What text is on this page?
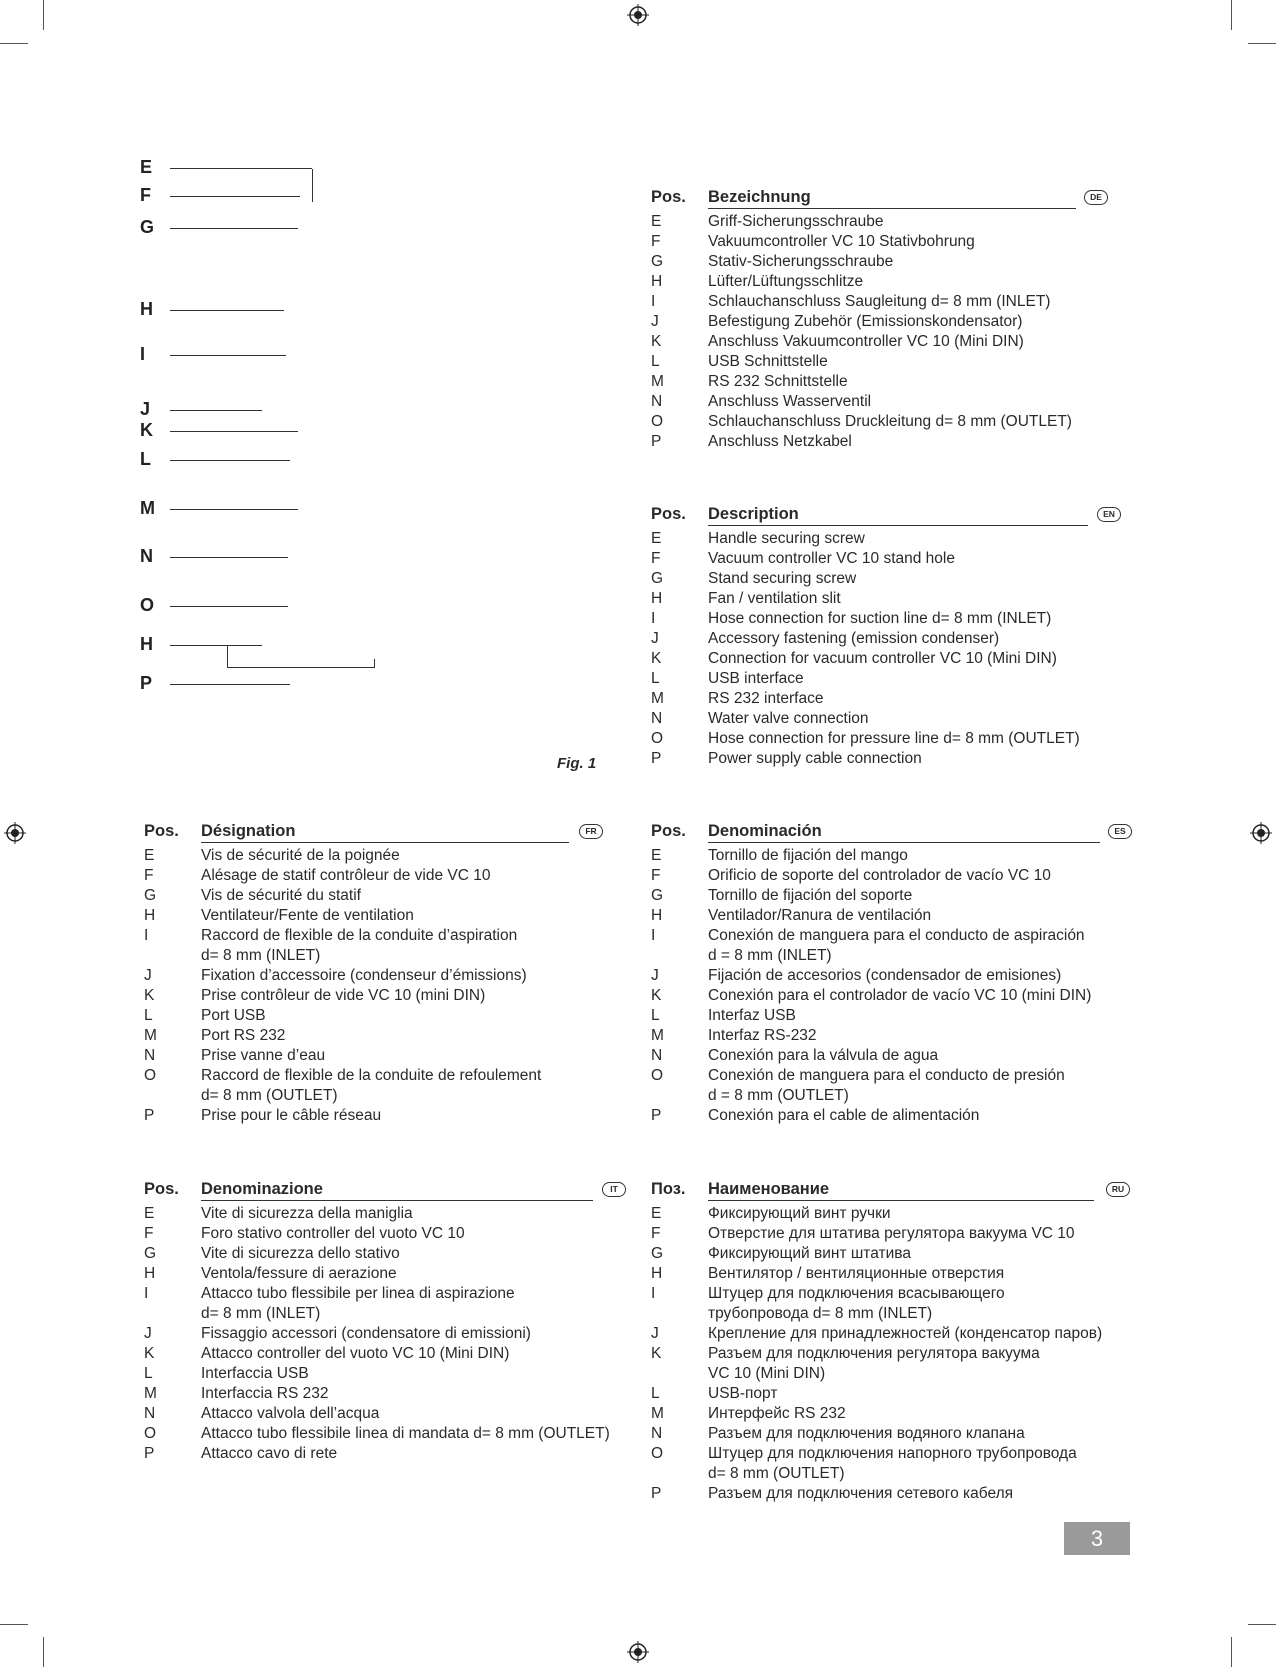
E
F
G
H
I
J
K
L
M
N
O
H
P
Fig. 1
Pos. Bezeichnung	DE
E	Griff-Sicherungsschraube
F	Vakuumcontroller VC 10 Stativbohrung
G	Stativ-Sicherungsschraube
H	Lüfter/Lüftungsschlitze
I	Schlauchanschluss Saugleitung d= 8 mm (INLET)
J	Befestigung Zubehör (Emissionskondensator)
K	Anschluss Vakuumcontroller VC 10 (Mini DIN)
L	USB Schnittstelle
M	RS 232 Schnittstelle
N	Anschluss Wasserventil
O	Schlauchanschluss Druckleitung d= 8 mm (OUTLET)
P	Anschluss Netzkabel
Pos. Description	EN
E	Handle securing screw
F	Vacuum controller VC 10 stand hole
G	Stand securing screw
H	Fan / ventilation slit
I	Hose connection for suction line d= 8 mm (INLET)
J	Accessory fastening (emission condenser)
K	Connection for vacuum controller VC 10 (Mini DIN)
L	USB interface
M	RS 232 interface
N	Water valve connection
O	Hose connection for pressure line d= 8 mm (OUTLET)
P	Power supply cable connection
Pos. Désignation	FR
E	Vis de sécurité de la poignée
F	Alésage de statif contrôleur de vide VC 10
G	Vis de sécurité du statif
H	Ventilateur/Fente de ventilation
I	Raccord de flexible de la conduite d’aspiration
d= 8 mm (INLET)
J	Fixation d’accessoire (condenseur d’émissions)
K	Prise contrôleur de vide VC 10 (mini DIN)
L	Port USB
M	Port RS 232
N	Prise vanne d’eau
O	Raccord de flexible de la conduite de refoulement
d= 8 mm (OUTLET)
P	Prise pour le câble réseau
Pos. Denominación	ES
E	Tornillo de fijación del mango
F	Orificio de soporte del controlador de vacío VC 10
G	Tornillo de fijación del soporte
H	Ventilador/Ranura de ventilación
I	Conexión de manguera para el conducto de aspiración
d = 8 mm (INLET)
J	Fijación de accesorios (condensador de emisiones)
K	Conexión para el controlador de vacío VC 10 (mini DIN)
L	Interfaz USB
M	Interfaz RS-232
N	Conexión para la válvula de agua
O	Conexión de manguera para el conducto de presión
d = 8 mm (OUTLET)
P	Conexión para el cable de alimentación
Pos. Denominazione	IT
E	Vite di sicurezza della maniglia
F	Foro stativo controller del vuoto VC 10
G	Vite di sicurezza dello stativo
H	Ventola/fessure di aerazione
I	Attacco tubo flessibile per linea di aspirazione
d= 8 mm (INLET)
J	Fissaggio accessori (condensatore di emissioni)
K	Attacco controller del vuoto VC 10 (Mini DIN)
L	Interfaccia USB
M	Interfaccia RS 232
N	Attacco valvola dell’acqua
O	Attacco tubo flessibile linea di mandata d= 8 mm (OUTLET)
P	Attacco cavo di rete
Поз. Наименование	RU
E	Фиксирующий винт ручки
F	Отверстие для штатива регулятора вакуума VC 10
G	Фиксирующий винт штатива
H	Вентилятор / вентиляционные отверстия
I	Штуцер для подключения всасывающего
трубопровода d= 8 mm (INLET)
J	Крепление для принадлежностей (конденсатор паров)
K	Разъем для подключения регулятора вакуума
VC 10 (Mini DIN)
L	USB-порт
M	Интерфейс RS 232
N	Разъем для подключения водяного клапана
O	Штуцер для подключения напорного трубопровода
d= 8 mm (OUTLET)
P	Разъем для подключения сетевого кабеля
3
